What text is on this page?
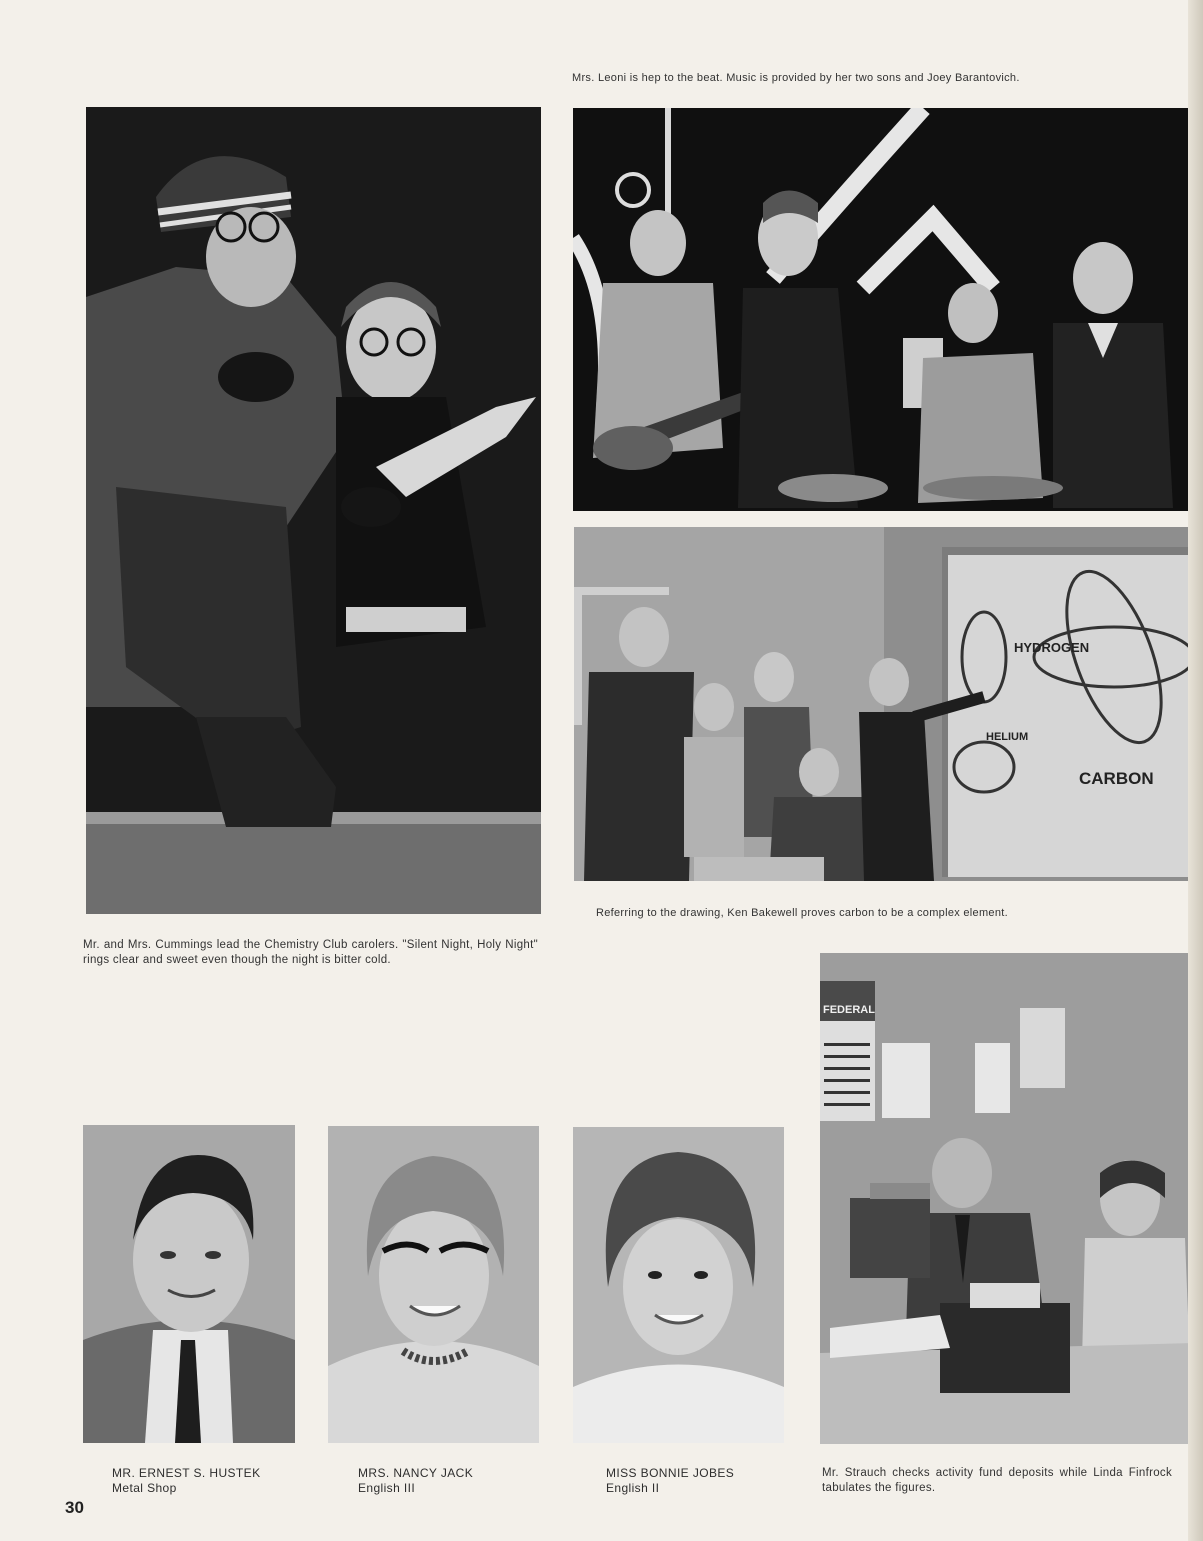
Mrs. Leoni is hep to the beat. Music is provided by her two sons and Joey Barantovich.
Mr. and Mrs. Cummings lead the Chemistry Club carolers. "Silent Night, Holy Night" rings clear and sweet even though the night is bitter cold.
HYDROGEN
HELIUM
CARBON
Referring to the drawing, Ken Bakewell proves carbon to be a complex element.
FEDERAL
MR. ERNEST S. HUSTEK
Metal Shop
MRS. NANCY JACK
English III
MISS BONNIE JOBES
English II
Mr. Strauch checks activity fund deposits while Linda Finfrock tabulates the figures.
30
